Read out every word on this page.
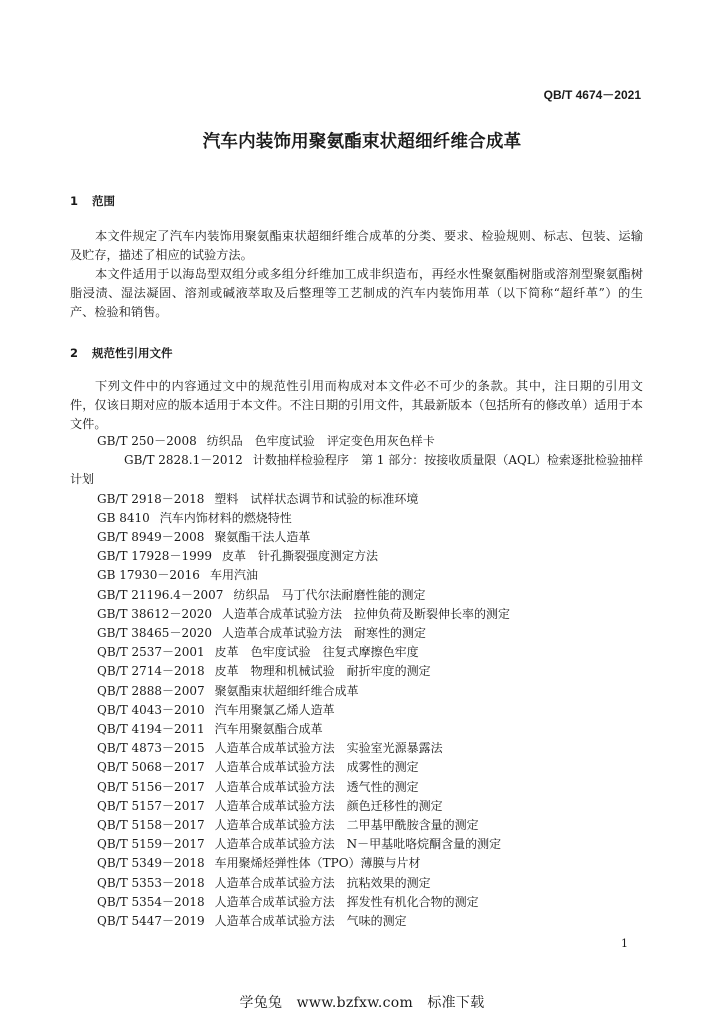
QB/T 4674－2021
汽车内装饰用聚氨酯束状超细纤维合成革
1 范围

本文件规定了汽车内装饰用聚氨酯束状超细纤维合成革的分类、要求、检验规则、标志、包装、运输及贮存，描述了相应的试验方法。

本文件适用于以海岛型双组分或多组分纤维加工成非织造布，再经水性聚氨酯树脂或溶剂型聚氨酯树脂浸渍、湿法凝固、溶剂或碱液萃取及后整理等工艺制成的汽车内装饰用革（以下简称“超纤革”）的生产、检验和销售。

2 规范性引用文件

下列文件中的内容通过文中的规范性引用而构成对本文件必不可少的条款。其中，注日期的引用文件，仅该日期对应的版本适用于本文件。不注日期的引用文件，其最新版本（包括所有的修改单）适用于本文件。

GB/T 250－2008 纺织品　色牢度试验　评定变色用灰色样卡
GB/T 2828.1－2012 计数抽样检验程序　第 1 部分：按接收质量限（AQL）检索逐批检验抽样计划
GB/T 2918－2018 塑料　试样状态调节和试验的标准环境
GB 8410 汽车内饰材料的燃烧特性
GB/T 8949－2008 聚氨酯干法人造革
GB/T 17928－1999 皮革　针孔撕裂强度测定方法
GB 17930－2016 车用汽油
GB/T 21196.4－2007 纺织品　马丁代尔法耐磨性能的测定
GB/T 38612－2020 人造革合成革试验方法　拉伸负荷及断裂伸长率的测定
GB/T 38465－2020 人造革合成革试验方法　耐寒性的测定
QB/T 2537－2001 皮革　色牢度试验　往复式摩擦色牢度
QB/T 2714－2018 皮革　物理和机械试验　耐折牢度的测定
QB/T 2888－2007 聚氨酯束状超细纤维合成革
QB/T 4043－2010 汽车用聚氯乙烯人造革
QB/T 4194－2011 汽车用聚氨酯合成革
QB/T 4873－2015 人造革合成革试验方法　实验室光源暴露法
QB/T 5068－2017 人造革合成革试验方法　成雾性的测定
QB/T 5156－2017 人造革合成革试验方法　透气性的测定
QB/T 5157－2017 人造革合成革试验方法　颜色迁移性的测定
QB/T 5158－2017 人造革合成革试验方法　二甲基甲酰胺含量的测定
QB/T 5159－2017 人造革合成革试验方法　N－甲基吡咯烷酮含量的测定
QB/T 5349－2018 车用聚烯烃弹性体（TPO）薄膜与片材
QB/T 5353－2018 人造革合成革试验方法　抗粘效果的测定
QB/T 5354－2018 人造革合成革试验方法　挥发性有机化合物的测定
QB/T 5447－2019 人造革合成革试验方法　气味的测定
1
学兔兔　www.bzfxw.com　标准下载
